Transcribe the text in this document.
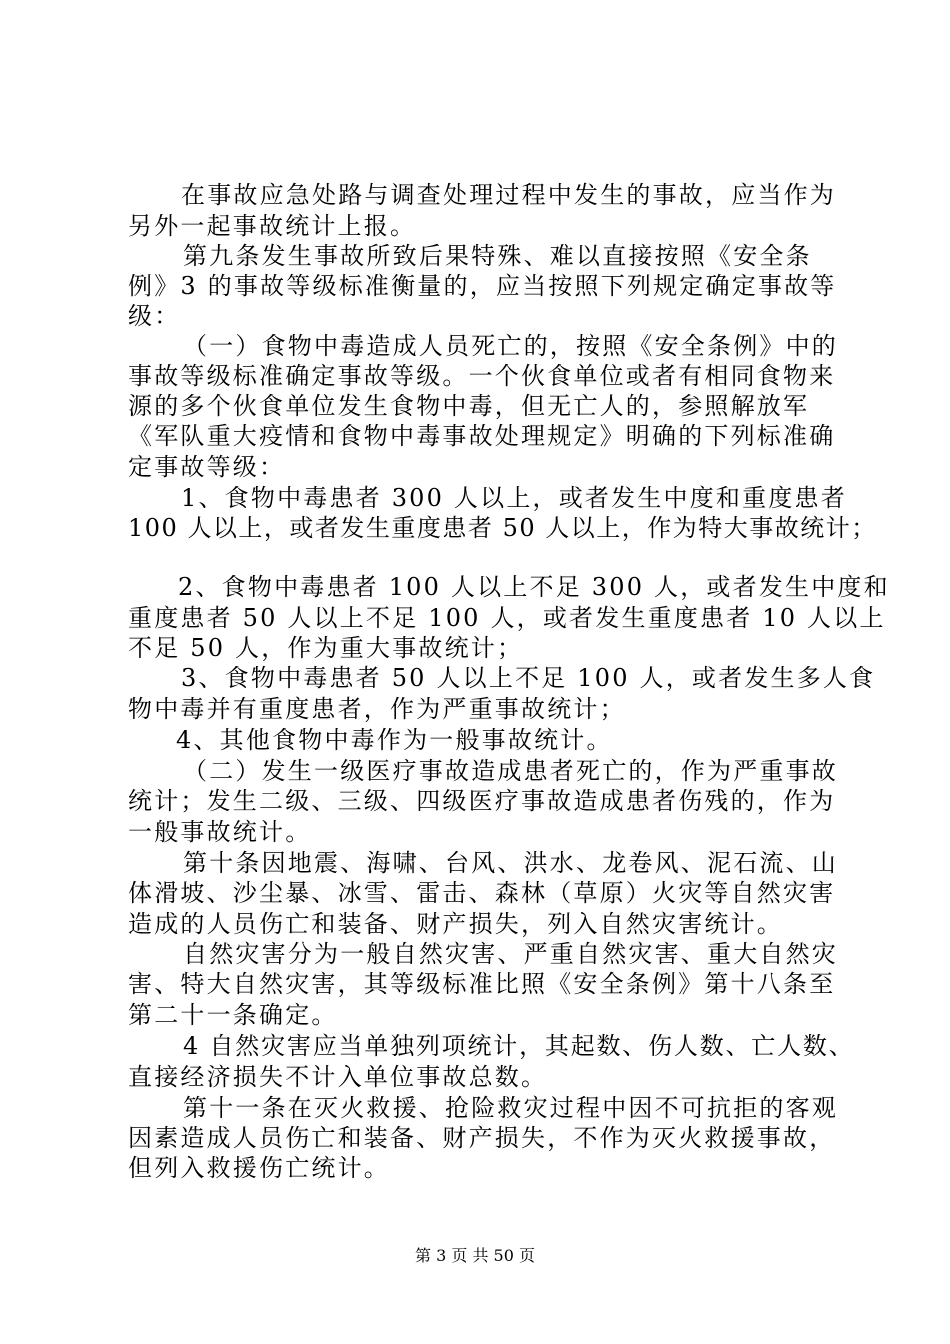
在事故应急处路与调查处理过程中发生的事故，应当作为
另外一起事故统计上报。
第九条发生事故所致后果特殊、难以直接按照《安全条
例》3 的事故等级标准衡量的，应当按照下列规定确定事故等
级：
（一）食物中毒造成人员死亡的，按照《安全条例》中的
事故等级标准确定事故等级。一个伙食单位或者有相同食物来
源的多个伙食单位发生食物中毒，但无亡人的，参照解放军
《军队重大疫情和食物中毒事故处理规定》明确的下列标准确
定事故等级：
1、食物中毒患者 300 人以上，或者发生中度和重度患者
100 人以上，或者发生重度患者 50 人以上，作为特大事故统计；
2、食物中毒患者 100 人以上不足 300 人，或者发生中度和
重度患者 50 人以上不足 100 人，或者发生重度患者 10 人以上
不足 50 人，作为重大事故统计；
3、食物中毒患者 50 人以上不足 100 人，或者发生多人食
物中毒并有重度患者，作为严重事故统计；
4、其他食物中毒作为一般事故统计。
（二）发生一级医疗事故造成患者死亡的，作为严重事故
统计；发生二级、三级、四级医疗事故造成患者伤残的，作为
一般事故统计。
第十条因地震、海啸、台风、洪水、龙卷风、泥石流、山
体滑坡、沙尘暴、冰雪、雷击、森林（草原）火灾等自然灾害
造成的人员伤亡和装备、财产损失，列入自然灾害统计。
自然灾害分为一般自然灾害、严重自然灾害、重大自然灾
害、特大自然灾害，其等级标准比照《安全条例》第十八条至
第二十一条确定。
4 自然灾害应当单独列项统计，其起数、伤人数、亡人数、
直接经济损失不计入单位事故总数。
第十一条在灭火救援、抢险救灾过程中因不可抗拒的客观
因素造成人员伤亡和装备、财产损失，不作为灭火救援事故，
但列入救援伤亡统计。
第 3 页 共 50 页
